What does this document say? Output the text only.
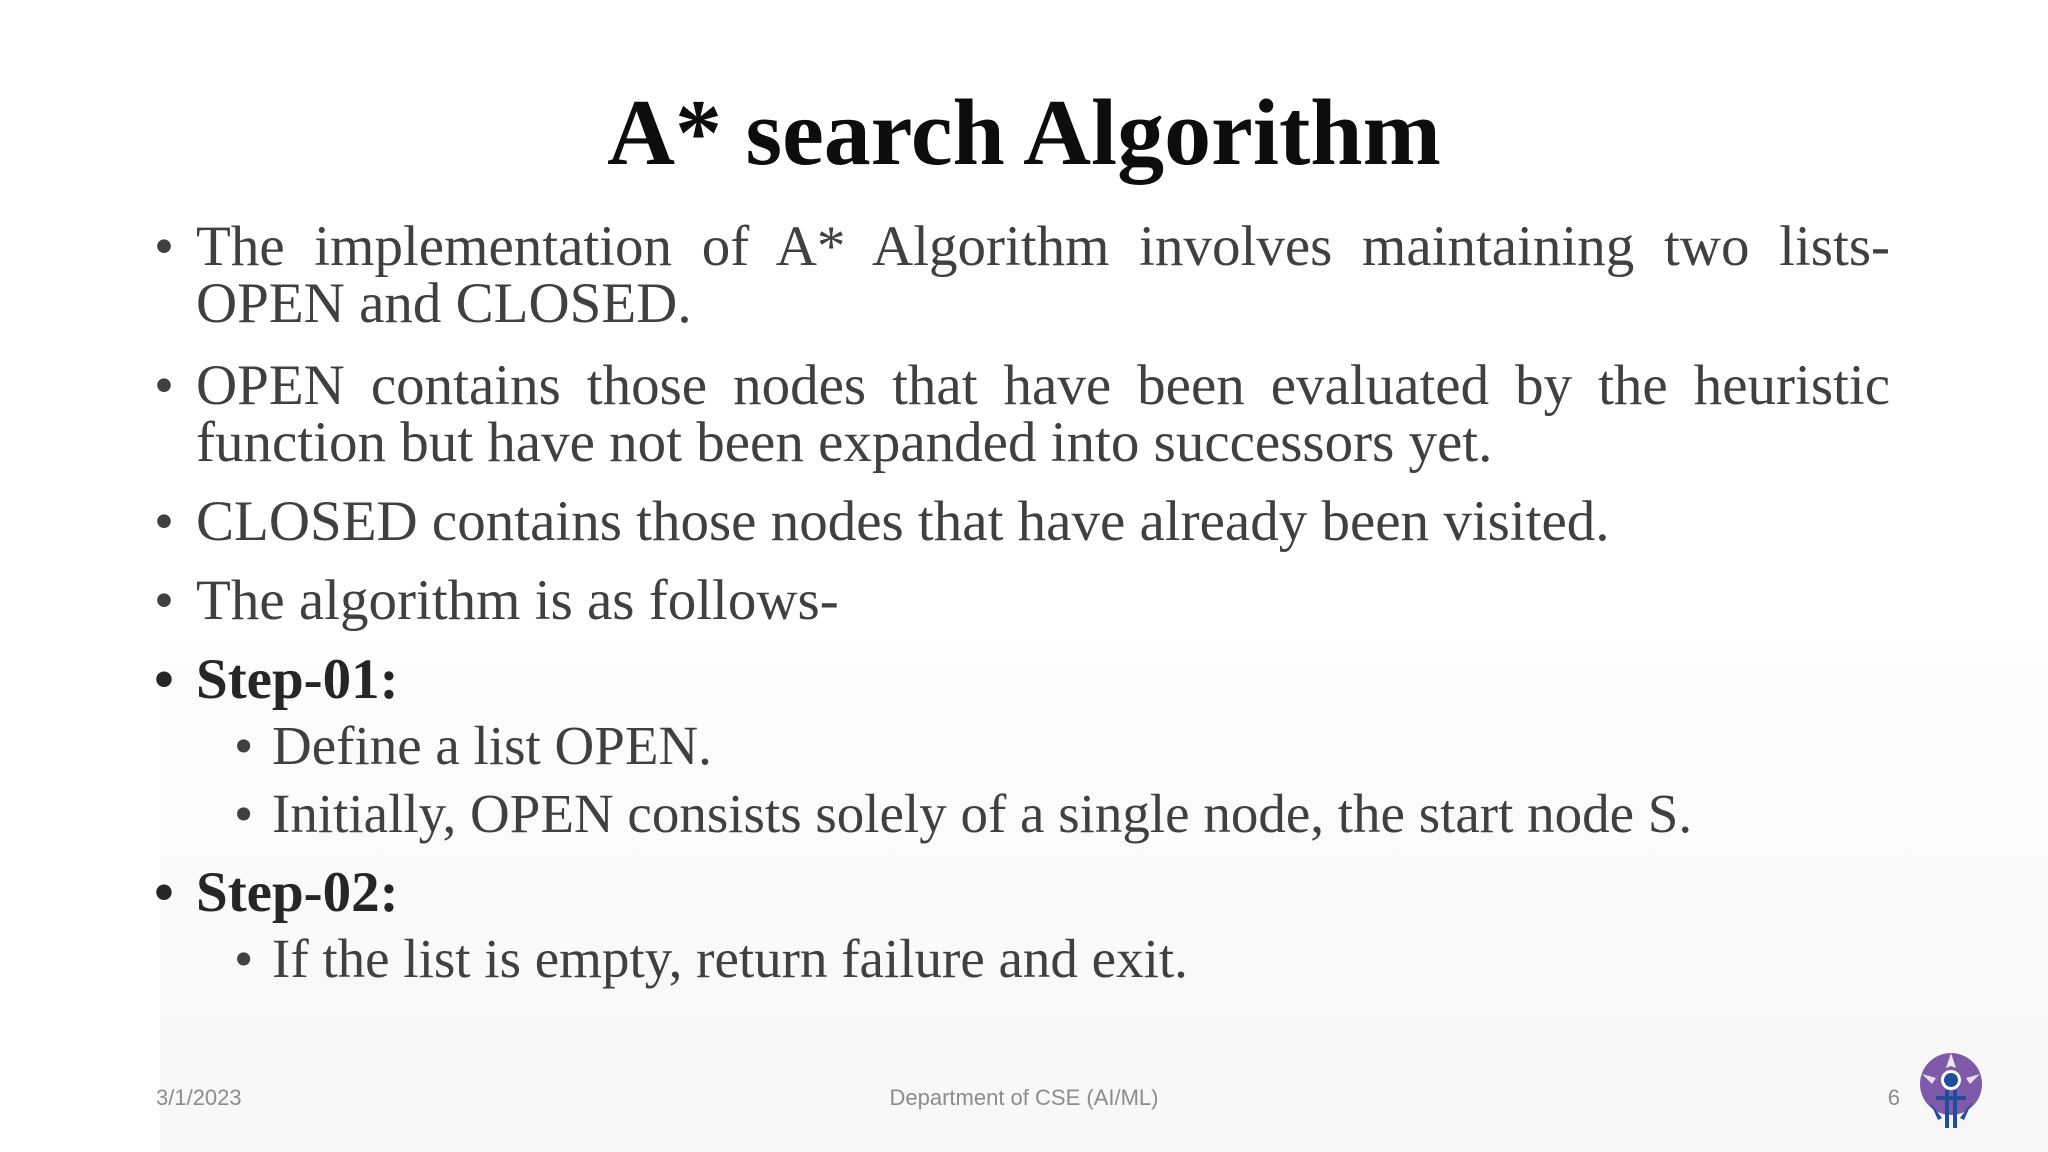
A* search Algorithm
• The implementation of A* Algorithm involves maintaining two lists- OPEN and CLOSED.
• OPEN contains those nodes that have been evaluated by the heuristic function but have not been expanded into successors yet.
• CLOSED contains those nodes that have already been visited.
• The algorithm is as follows-
• Step-01:
• Define a list OPEN.
• Initially, OPEN consists solely of a single node, the start node S.
• Step-02:
• If the list is empty, return failure and exit.
3/1/2023	Department of CSE (AI/ML)	6
